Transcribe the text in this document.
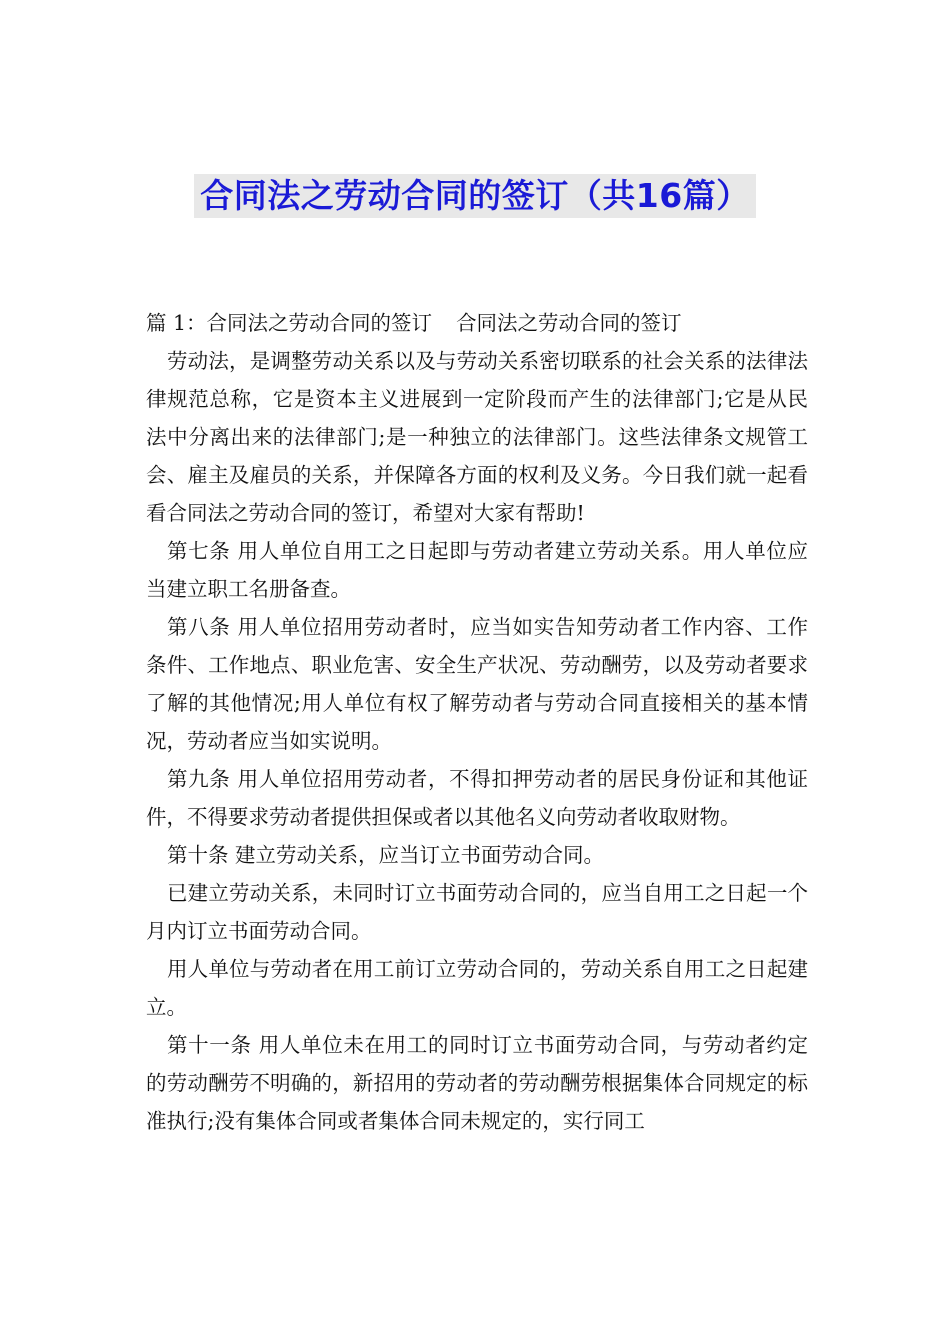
合同法之劳动合同的签订（共16篇）

篇 1：合同法之劳动合同的签订 合同法之劳动合同的签订

劳动法，是调整劳动关系以及与劳动关系密切联系的社会关系的法律法律规范总称，它是资本主义进展到一定阶段而产生的法律部门;它是从民法中分离出来的法律部门;是一种独立的法律部门。这些法律条文规管工会、雇主及雇员的关系，并保障各方面的权利及义务。今日我们就一起看看合同法之劳动合同的签订，希望对大家有帮助!

第七条 用人单位自用工之日起即与劳动者建立劳动关系。用人单位应当建立职工名册备查。

第八条 用人单位招用劳动者时，应当如实告知劳动者工作内容、工作条件、工作地点、职业危害、安全生产状况、劳动酬劳，以及劳动者要求了解的其他情况;用人单位有权了解劳动者与劳动合同直接相关的基本情况，劳动者应当如实说明。

第九条 用人单位招用劳动者，不得扣押劳动者的居民身份证和其他证件，不得要求劳动者提供担保或者以其他名义向劳动者收取财物。

第十条 建立劳动关系，应当订立书面劳动合同。

已建立劳动关系，未同时订立书面劳动合同的，应当自用工之日起一个月内订立书面劳动合同。

用人单位与劳动者在用工前订立劳动合同的，劳动关系自用工之日起建立。

第十一条 用人单位未在用工的同时订立书面劳动合同，与劳动者约定的劳动酬劳不明确的，新招用的劳动者的劳动酬劳根据集体合同规定的标准执行;没有集体合同或者集体合同未规定的，实行同工
